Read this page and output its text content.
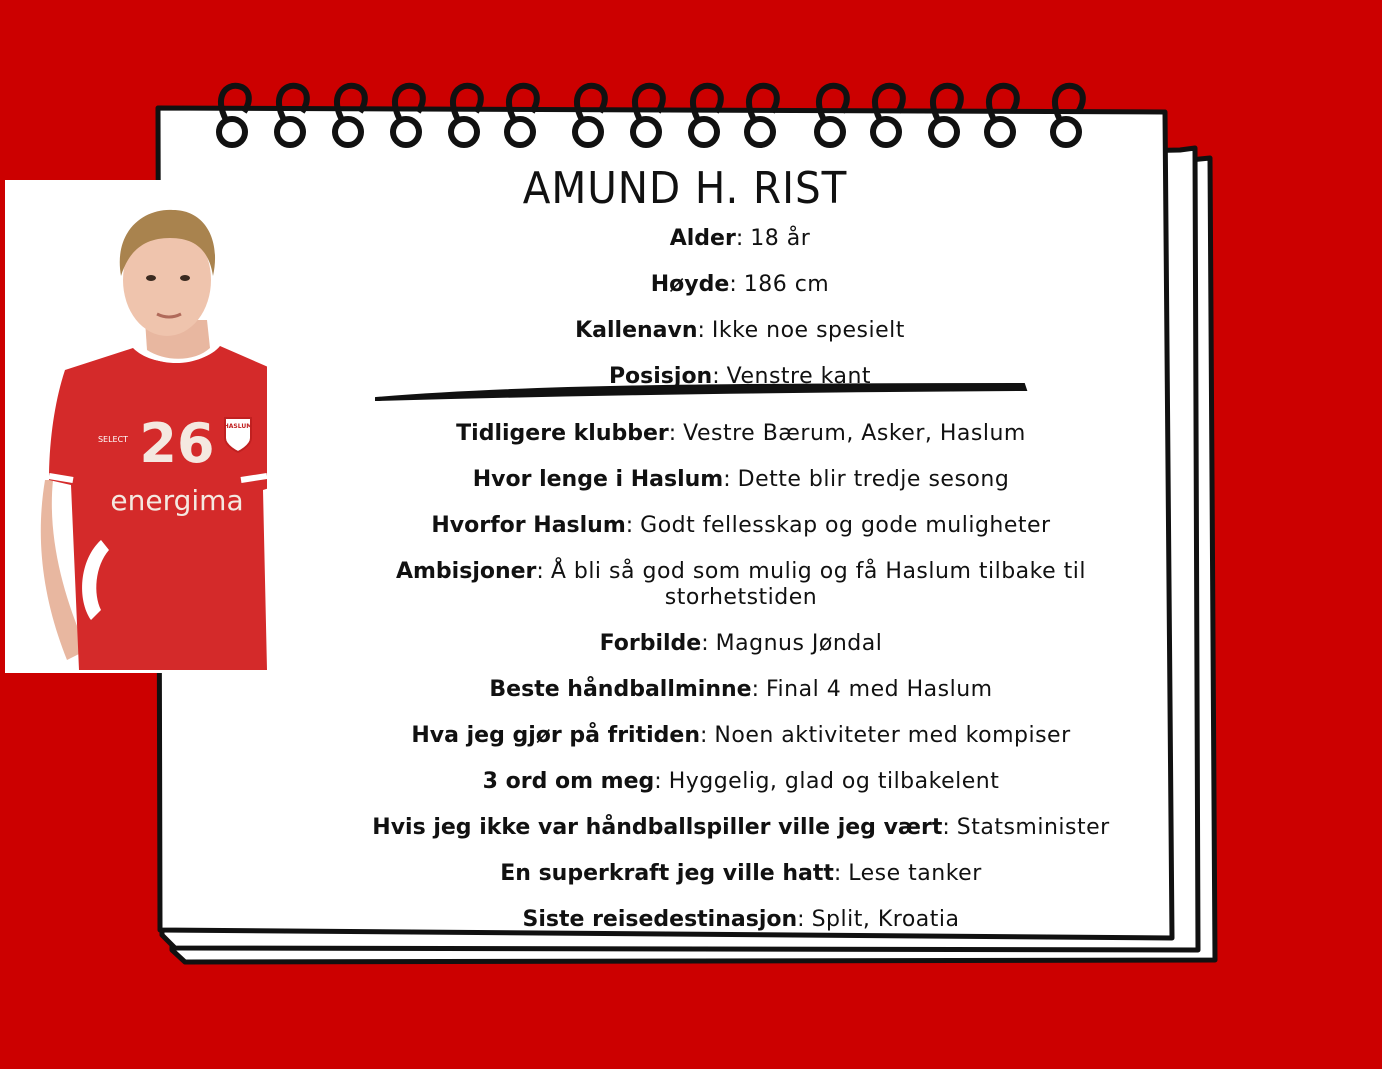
26
SELECT
HASLUM
energima
AMUND H. RIST
Alder: 18 år
Høyde: 186 cm
Kallenavn: Ikke noe spesielt
Posisjon: Venstre kant
Tidligere klubber: Vestre Bærum, Asker, Haslum
Hvor lenge i Haslum: Dette blir tredje sesong
Hvorfor Haslum: Godt fellesskap og gode muligheter
Ambisjoner: Å bli så god som mulig og få Haslum tilbake til
storhetstiden
Forbilde: Magnus Jøndal
Beste håndballminne: Final 4 med Haslum
Hva jeg gjør på fritiden: Noen aktiviteter med kompiser
3 ord om meg: Hyggelig, glad og tilbakelent
Hvis jeg ikke var håndballspiller ville jeg vært: Statsminister
En superkraft jeg ville hatt: Lese tanker
Siste reisedestinasjon: Split, Kroatia
